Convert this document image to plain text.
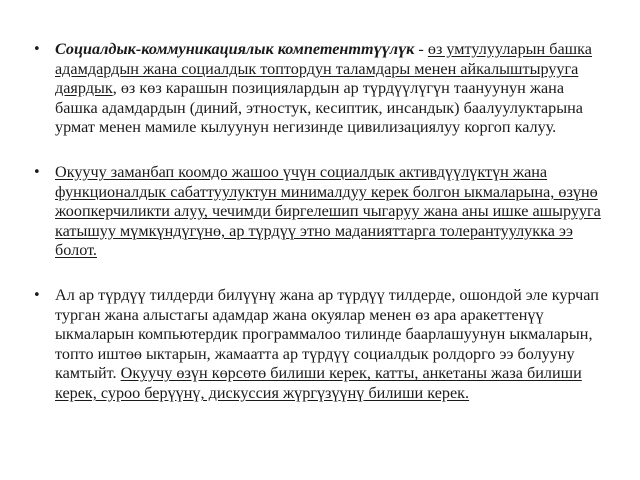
• Социалдык-коммуникациялык компетенттүүлүк - өз умтулууларын башка адамдардын жана социалдык топтордун таламдары менен айкалыштырууга даярдык, өз көз карашын позициялардын ар түрдүүлүгүн таануунун жана башка адамдардын (диний, этностук, кесиптик, инсандык) баалуулуктарына урмат менен мамиле кылуунун негизинде цивилизациялуу коргоп калуу.
• Окуучу заманбап коомдо жашоо үчүн социалдык активдүүлүктүн жана функционалдык сабаттуулуктун минималдуу керек болгон ыкмаларына, өзүнө жоопкерчиликти алуу, чечимди биргелешип чыгаруу жана аны ишке ашырууга катышуу мүмкүндүгүнө, ар түрдүү этно маданияттарга толерантуулукка ээ болот.
• Ал ар түрдүү тилдерди билүүнү жана ар түрдүү тилдерде, ошондой эле курчап турган жана алыстагы адамдар жана окуялар менен өз ара аракеттенүү ыкмаларын компьютердик программалоо тилинде баарлашуунун ыкмаларын, топто иштөө ыктарын, жамаатта ар түрдүү социалдык ролдорго ээ болууну камтыйт. Окуучу өзүн көрсөтө билиши керек, катты, анкетаны жаза билиши керек, суроо берүүнү, дискуссия жүргүзүүнү билиши керек.
